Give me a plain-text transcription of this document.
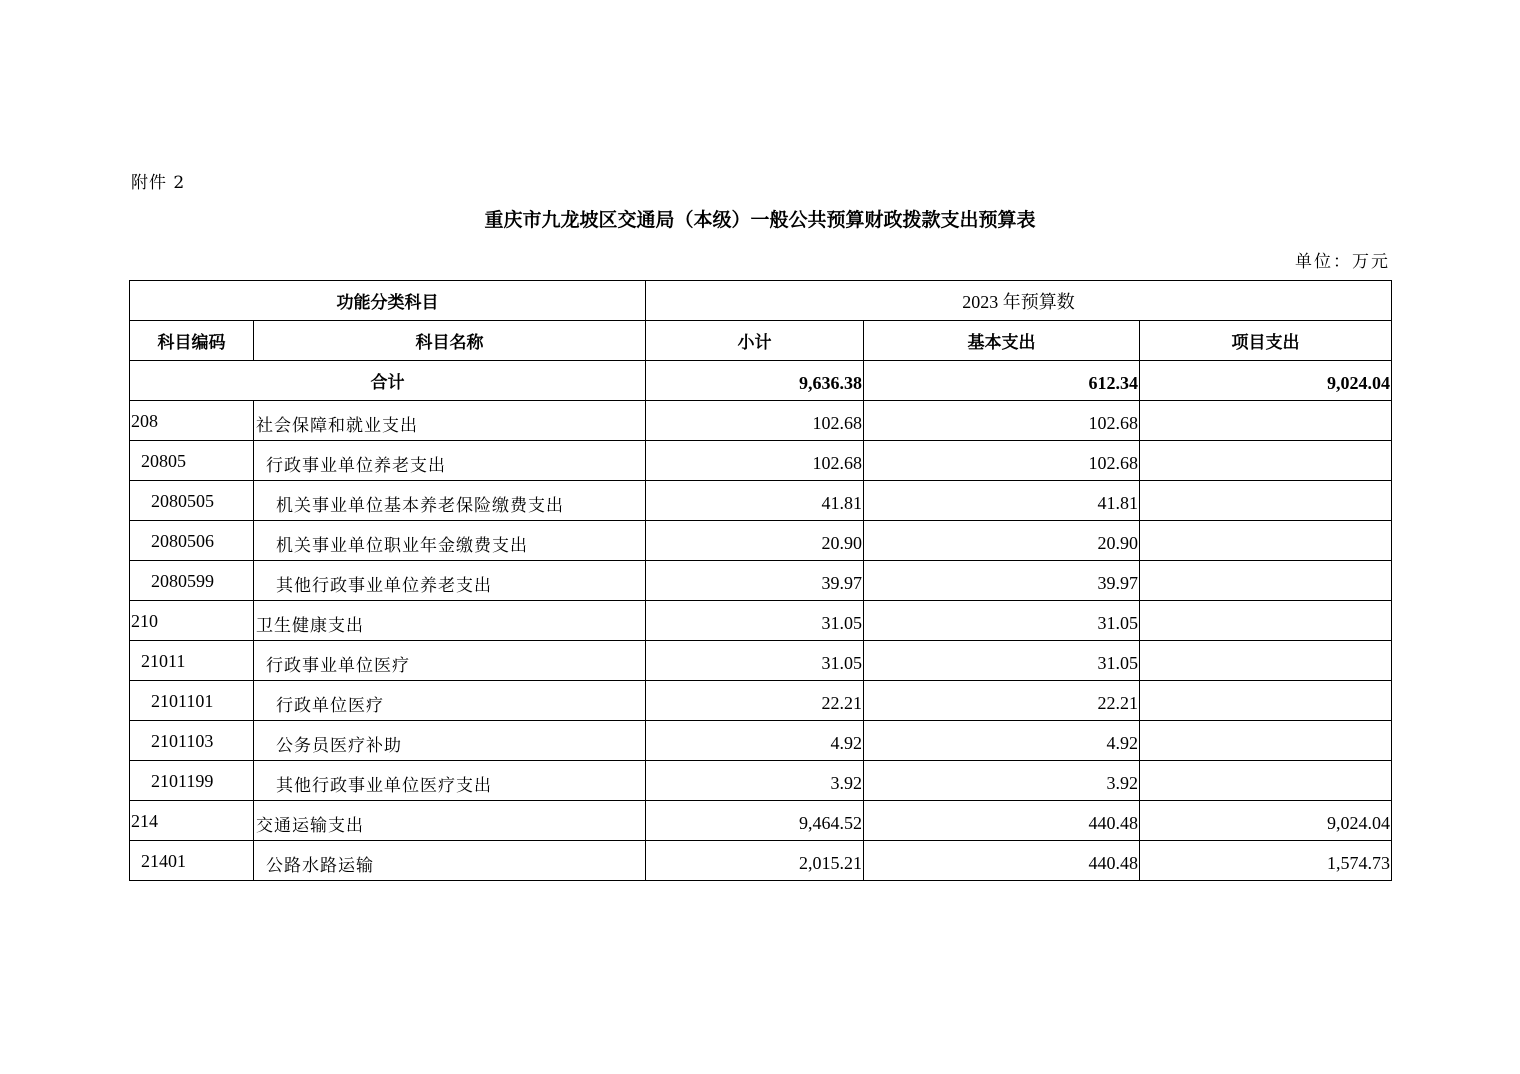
附件 2
重庆市九龙坡区交通局（本级）一般公共预算财政拨款支出预算表
单位：万元
功能分类科目		2023 年预算数		
科目编码	科目名称	小计	基本支出	项目支出
合计		9,636.38	612.34	9,024.04
208	社会保障和就业支出	102.68	102.68	
20805	行政事业单位养老支出	102.68	102.68	
2080505	机关事业单位基本养老保险缴费支出	41.81	41.81	
2080506	机关事业单位职业年金缴费支出	20.90	20.90	
2080599	其他行政事业单位养老支出	39.97	39.97	
210	卫生健康支出	31.05	31.05	
21011	行政事业单位医疗	31.05	31.05	
2101101	行政单位医疗	22.21	22.21	
2101103	公务员医疗补助	4.92	4.92	
2101199	其他行政事业单位医疗支出	3.92	3.92	
214	交通运输支出	9,464.52	440.48	9,024.04
21401	公路水路运输	2,015.21	440.48	1,574.73
